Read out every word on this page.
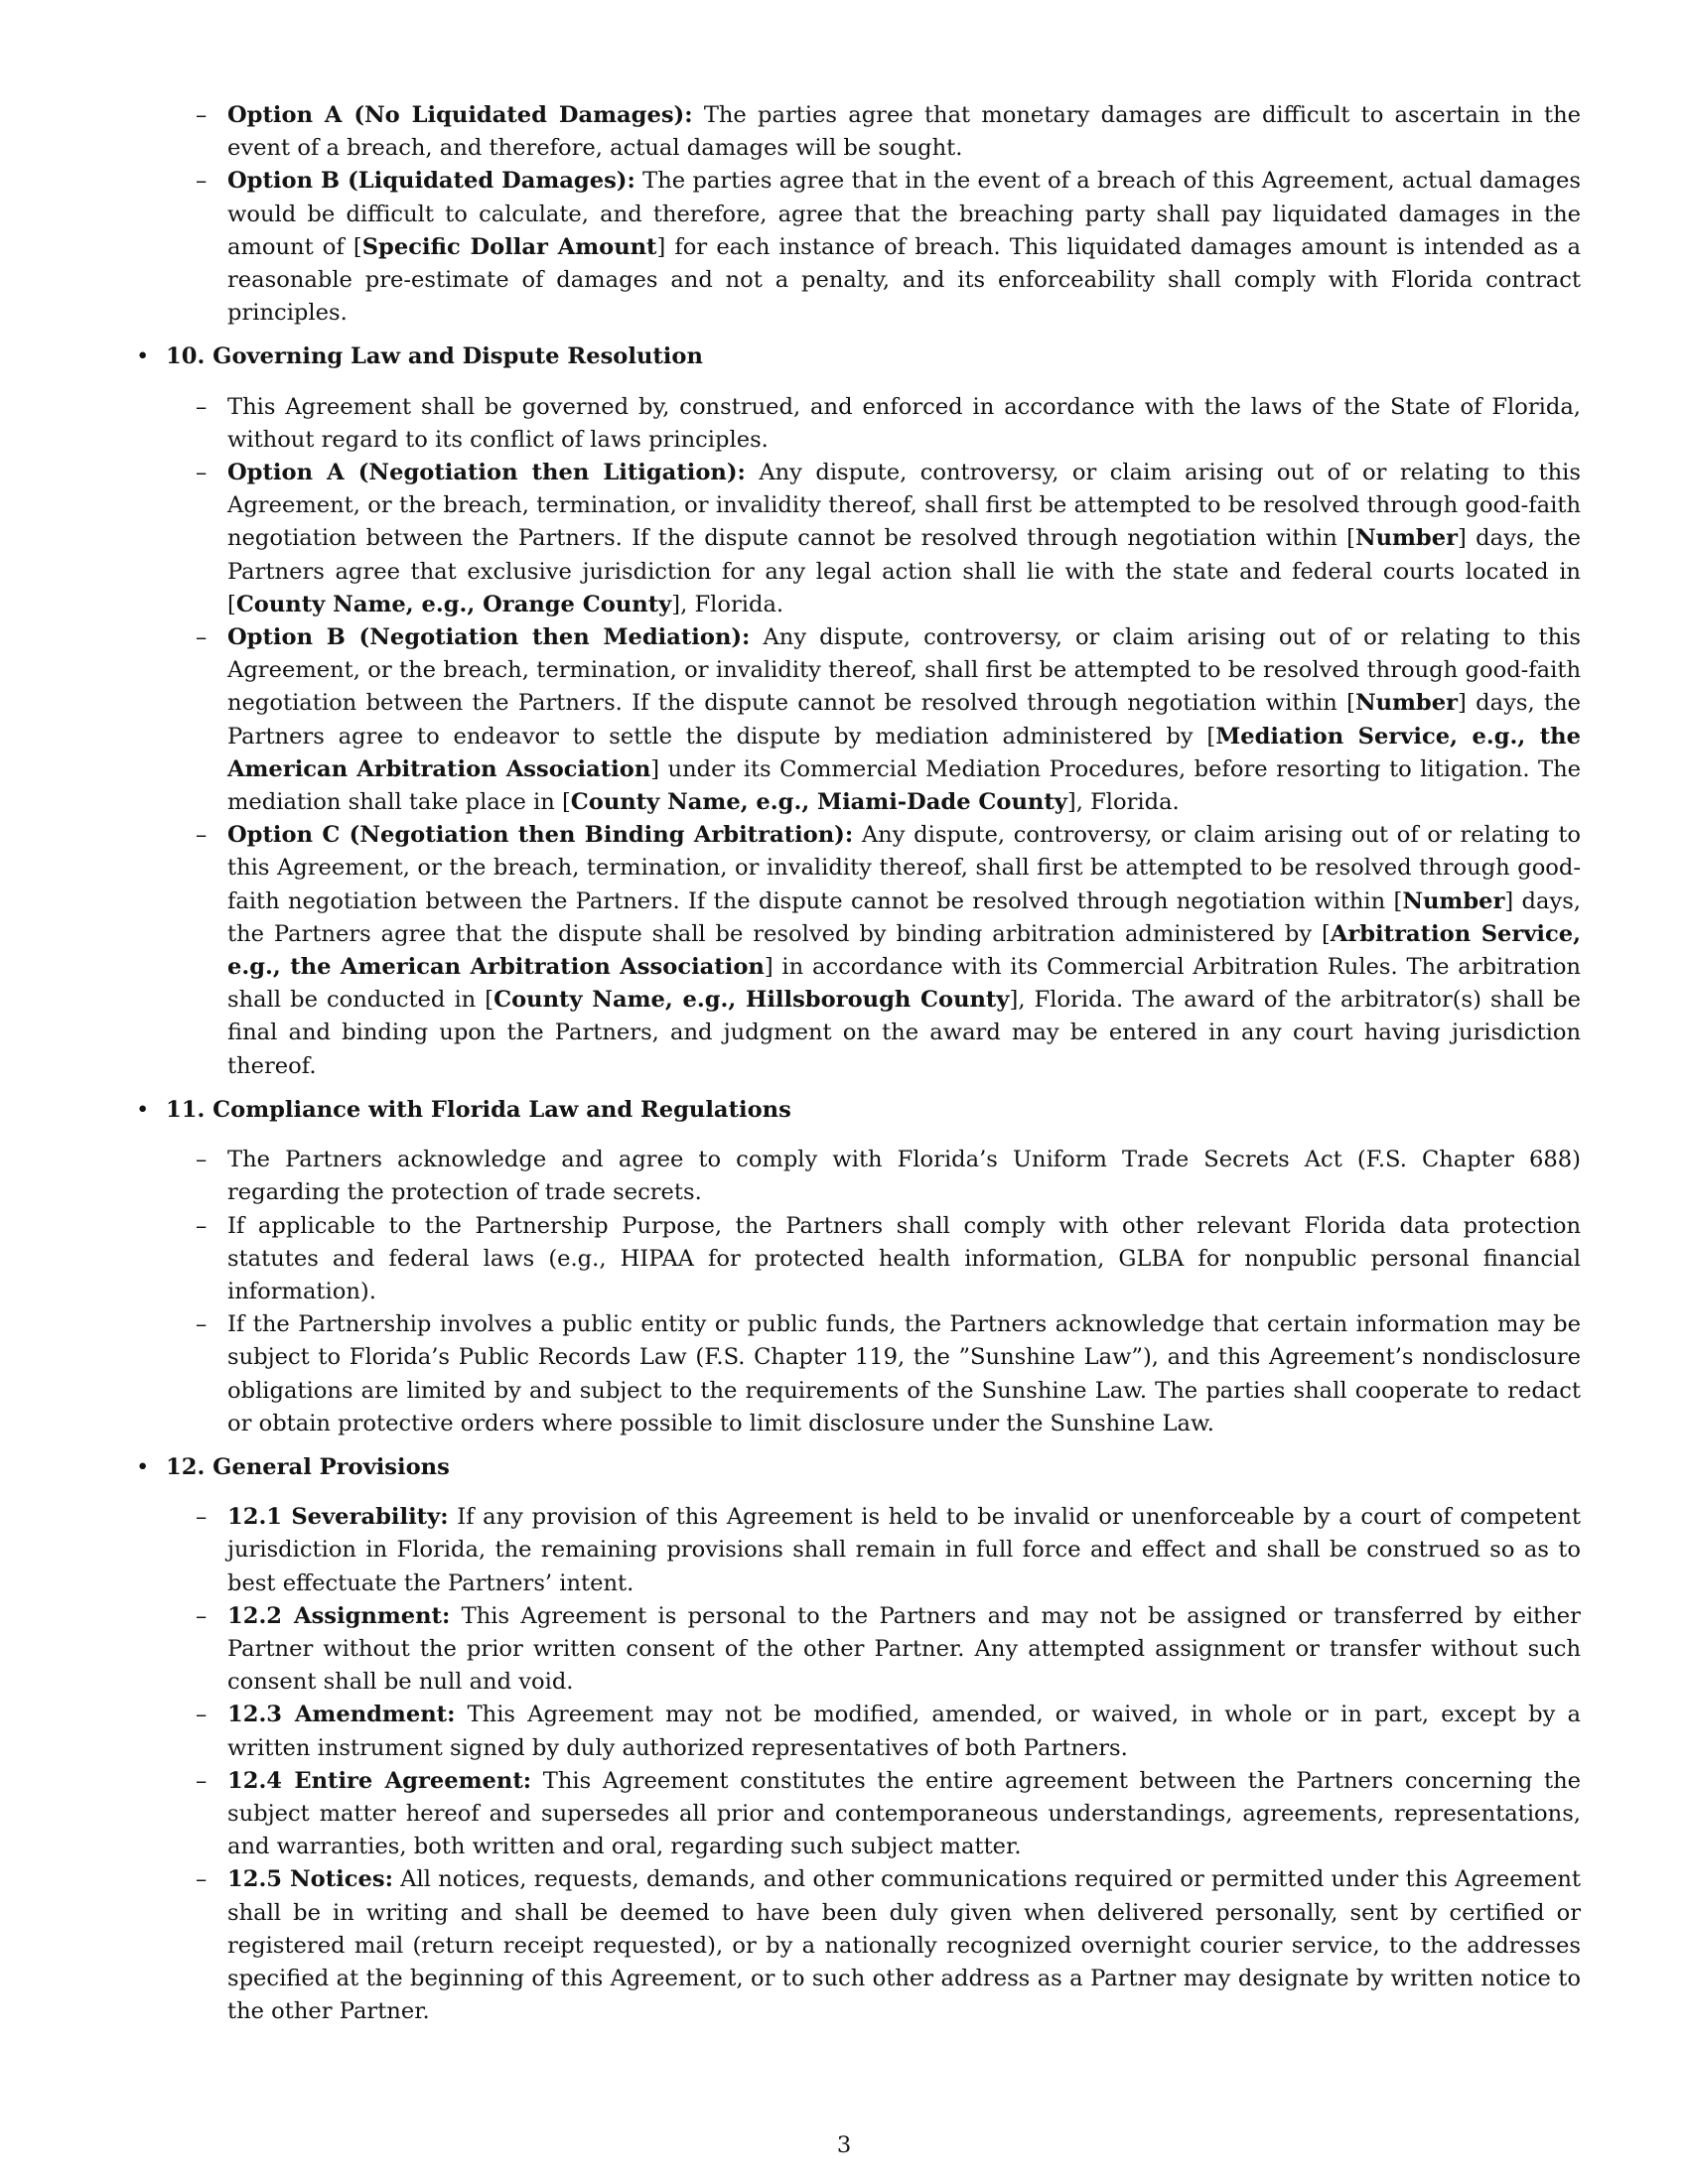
– Option A (No Liquidated Damages): The parties agree that monetary damages are difficult to ascertain in the event of a breach, and therefore, actual damages will be sought.
– Option B (Liquidated Damages): The parties agree that in the event of a breach of this Agreement, actual damages would be difficult to calculate, and therefore, agree that the breaching party shall pay liquidated damages in the amount of [Specific Dollar Amount] for each instance of breach. This liquidated damages amount is intended as a reasonable pre-estimate of damages and not a penalty, and its enforceability shall comply with Florida contract principles.
• 10. Governing Law and Dispute Resolution
– This Agreement shall be governed by, construed, and enforced in accordance with the laws of the State of Florida, without regard to its conflict of laws principles.
– Option A (Negotiation then Litigation): Any dispute, controversy, or claim arising out of or relating to this Agreement, or the breach, termination, or invalidity thereof, shall first be attempted to be resolved through good-faith negotiation between the Partners. If the dispute cannot be resolved through negotiation within [Number] days, the Partners agree that exclusive jurisdiction for any legal action shall lie with the state and federal courts located in [County Name, e.g., Orange County], Florida.
– Option B (Negotiation then Mediation): Any dispute, controversy, or claim arising out of or relating to this Agreement, or the breach, termination, or invalidity thereof, shall first be attempted to be resolved through good-faith negotiation between the Partners. If the dispute cannot be resolved through negotiation within [Number] days, the Partners agree to endeavor to settle the dispute by mediation administered by [Mediation Service, e.g., the American Arbitration Association] under its Commercial Mediation Procedures, before resorting to litigation. The mediation shall take place in [County Name, e.g., Miami-Dade County], Florida.
– Option C (Negotiation then Binding Arbitration): Any dispute, controversy, or claim arising out of or relating to this Agreement, or the breach, termination, or invalidity thereof, shall first be attempted to be resolved through good-faith negotiation between the Partners. If the dispute cannot be resolved through negotiation within [Number] days, the Partners agree that the dispute shall be resolved by binding arbitration administered by [Arbitration Service, e.g., the American Arbitration Association] in accordance with its Commercial Arbitration Rules. The arbitration shall be conducted in [County Name, e.g., Hillsborough County], Florida. The award of the arbitrator(s) shall be final and binding upon the Partners, and judgment on the award may be entered in any court having jurisdiction thereof.
• 11. Compliance with Florida Law and Regulations
– The Partners acknowledge and agree to comply with Florida’s Uniform Trade Secrets Act (F.S. Chapter 688) regarding the protection of trade secrets.
– If applicable to the Partnership Purpose, the Partners shall comply with other relevant Florida data protection statutes and federal laws (e.g., HIPAA for protected health information, GLBA for nonpublic personal financial information).
– If the Partnership involves a public entity or public funds, the Partners acknowledge that certain information may be subject to Florida’s Public Records Law (F.S. Chapter 119, the ”Sunshine Law”), and this Agreement’s nondisclosure obligations are limited by and subject to the requirements of the Sunshine Law. The parties shall cooperate to redact or obtain protective orders where possible to limit disclosure under the Sunshine Law.
• 12. General Provisions
– 12.1 Severability: If any provision of this Agreement is held to be invalid or unenforceable by a court of competent jurisdiction in Florida, the remaining provisions shall remain in full force and effect and shall be construed so as to best effectuate the Partners’ intent.
– 12.2 Assignment: This Agreement is personal to the Partners and may not be assigned or transferred by either Partner without the prior written consent of the other Partner. Any attempted assignment or transfer without such consent shall be null and void.
– 12.3 Amendment: This Agreement may not be modified, amended, or waived, in whole or in part, except by a written instrument signed by duly authorized representatives of both Partners.
– 12.4 Entire Agreement: This Agreement constitutes the entire agreement between the Partners concerning the subject matter hereof and supersedes all prior and contemporaneous understandings, agreements, representations, and warranties, both written and oral, regarding such subject matter.
– 12.5 Notices: All notices, requests, demands, and other communications required or permitted under this Agreement shall be in writing and shall be deemed to have been duly given when delivered personally, sent by certified or registered mail (return receipt requested), or by a nationally recognized overnight courier service, to the addresses specified at the beginning of this Agreement, or to such other address as a Partner may designate by written notice to the other Partner.
3
